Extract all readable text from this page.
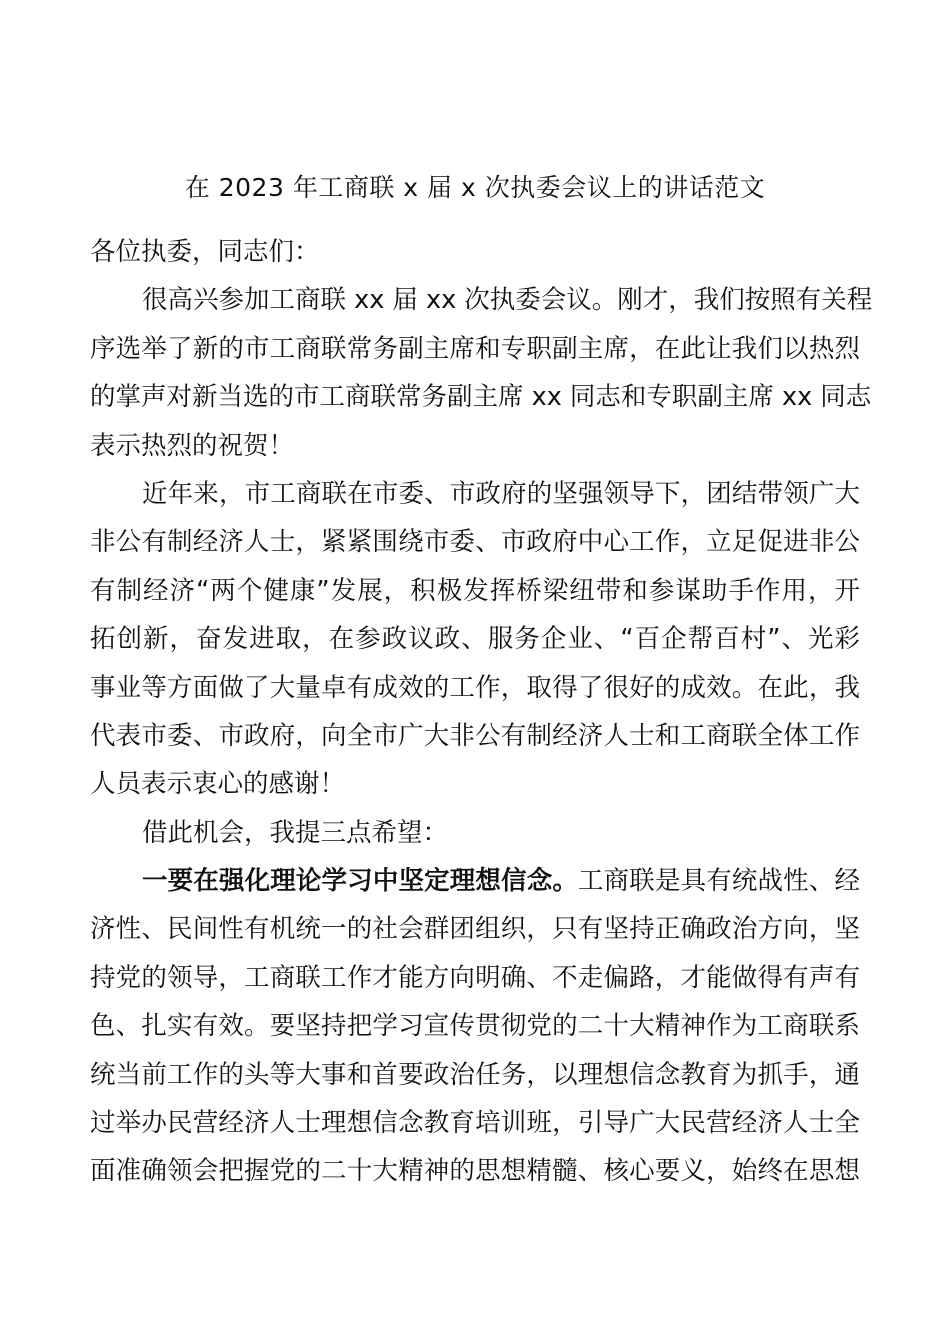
在 2023 年工商联 x 届 x 次执委会议上的讲话范文
各位执委，同志们：
很高兴参加工商联 xx 届 xx 次执委会议。刚才，我们按照有关程
序选举了新的市工商联常务副主席和专职副主席，在此让我们以热烈
的掌声对新当选的市工商联常务副主席 xx 同志和专职副主席 xx 同志
表示热烈的祝贺！
近年来，市工商联在市委、市政府的坚强领导下，团结带领广大
非公有制经济人士，紧紧围绕市委、市政府中心工作，立足促进非公
有制经济“两个健康”发展，积极发挥桥梁纽带和参谋助手作用，开
拓创新，奋发进取，在参政议政、服务企业、“百企帮百村”、光彩
事业等方面做了大量卓有成效的工作，取得了很好的成效。在此，我
代表市委、市政府，向全市广大非公有制经济人士和工商联全体工作
人员表示衷心的感谢！
借此机会，我提三点希望：
一要在强化理论学习中坚定理想信念。工商联是具有统战性、经
济性、民间性有机统一的社会群团组织，只有坚持正确政治方向，坚
持党的领导，工商联工作才能方向明确、不走偏路，才能做得有声有
色、扎实有效。要坚持把学习宣传贯彻党的二十大精神作为工商联系
统当前工作的头等大事和首要政治任务，以理想信念教育为抓手，通
过举办民营经济人士理想信念教育培训班，引导广大民营经济人士全
面准确领会把握党的二十大精神的思想精髓、核心要义，始终在思想
